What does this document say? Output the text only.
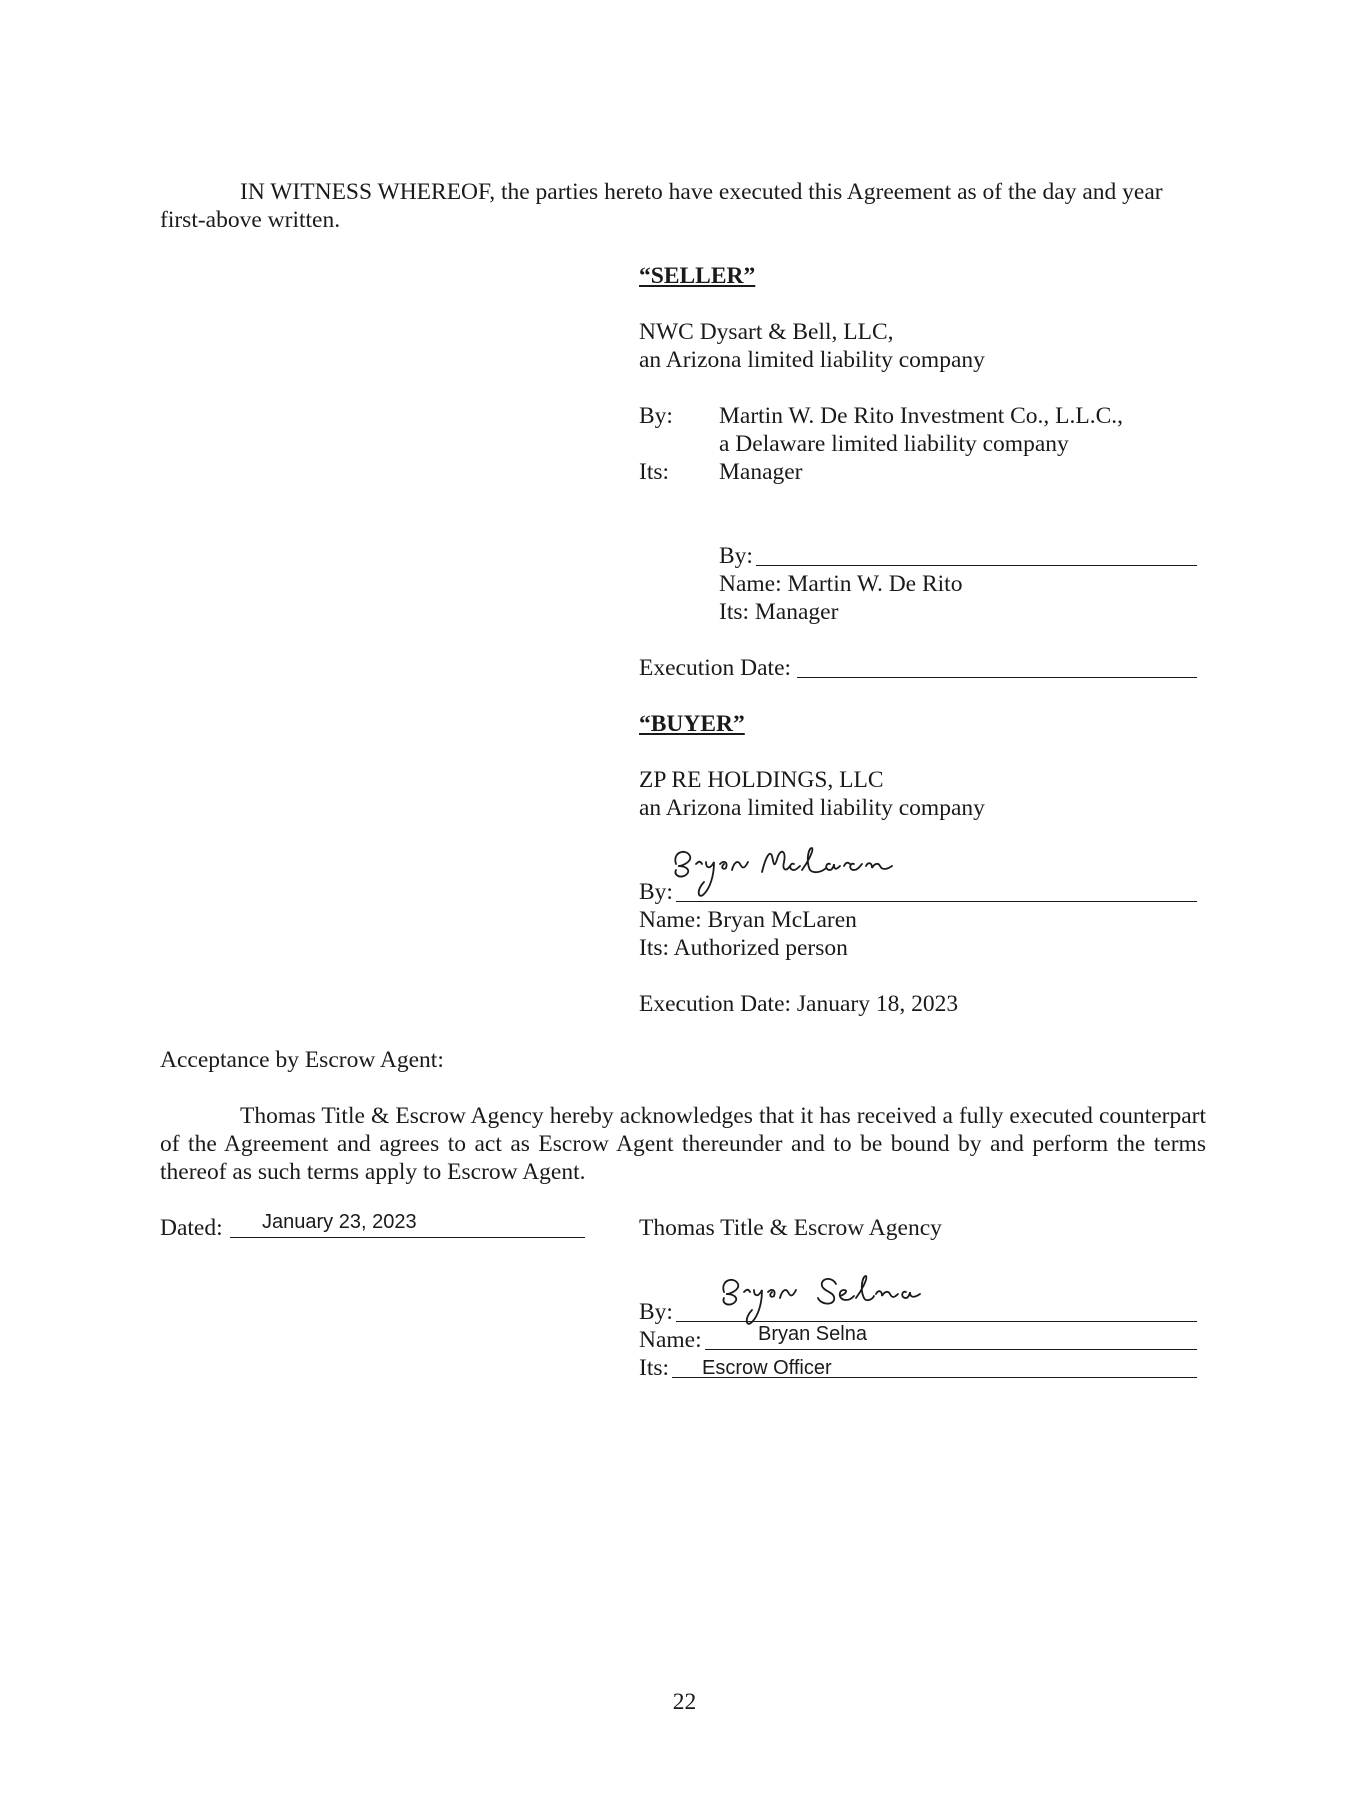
IN WITNESS WHEREOF, the parties hereto have executed this Agreement as of the day and year
first-above written.
“SELLER”
NWC Dysart & Bell, LLC,
an Arizona limited liability company
By: Martin W. De Rito Investment Co., L.L.C.,
a Delaware limited liability company
Its: Manager
By:
Name: Martin W. De Rito
Its: Manager
Execution Date:
“BUYER”
ZP RE HOLDINGS, LLC
an Arizona limited liability company
By:
Name: Bryan McLaren
Its: Authorized person
Execution Date: January 18, 2023
Acceptance by Escrow Agent:
Thomas Title & Escrow Agency hereby acknowledges that it has received a fully executed counterpart of the Agreement and agrees to act as Escrow Agent thereunder and to be bound by and perform the terms thereof as such terms apply to Escrow Agent.
Dated: January 23, 2023	Thomas Title & Escrow Agency
By:
Name:	Bryan Selna
Its: Escrow Officer
22
